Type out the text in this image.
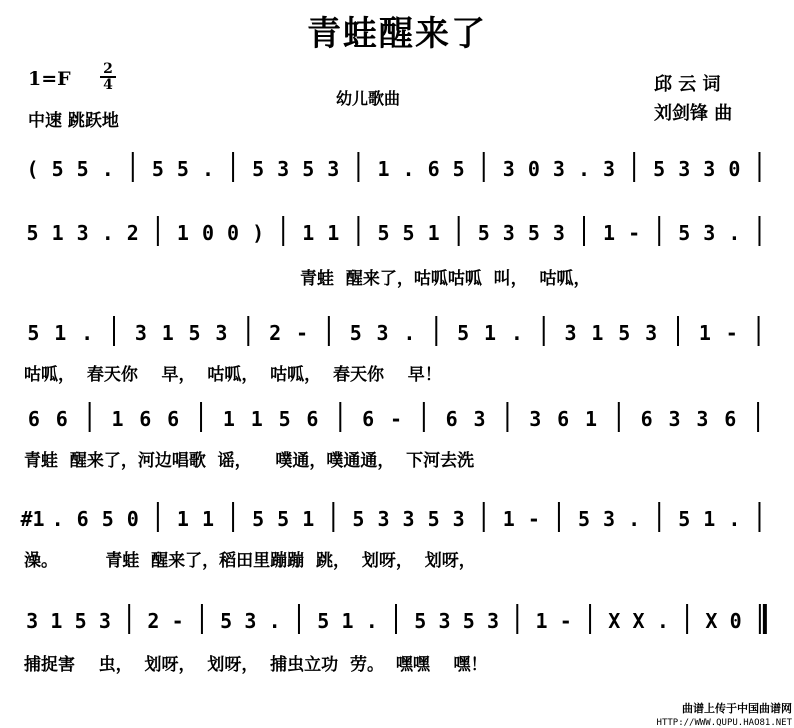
青蛙醒来了
$1=F \frac{2}{4}$
中速 跳跃地
幼儿歌曲
邱 云 词
刘剑锋 曲
( 5 5 . 5 5 . 5 3 5 3 1 . 6 5 3 0 3 . 3 5 3 3 0
5 1 3 . 2 1 0 0 ) 1 1 5 5 1 5 3 5 3 1 - 5 3 .
青蛙  醒来了，咕呱咕呱  叫，  咕呱，
5 1 . 3 1 5 3 2 - 5 3 . 5 1 . 3 1 5 3 1 -
咕呱，  春天你    早，  咕呱，  咕呱，  春天你    早！
6 6 1 6 6 1 1 5 6 6 - 6 3 3 6 1 6 3 3 6
青蛙  醒来了，河边唱歌  谣，    噗通，噗通通，  下河去洗
#1 . 6 5 0 1 1 5 5 1 5 3 3 5 3 1 - 5 3 . 5 1 .
澡。        青蛙  醒来了，稻田里蹦蹦  跳，  划呀，  划呀，
3 1 5 3 2 - 5 3 . 5 1 . 5 3 5 3 1 - X X . X 0
捕捉害    虫，  划呀，  划呀，  捕虫立功  劳。  嘿嘿    嘿！
曲谱上传于中国曲谱网
HTTP://WWW.QUPU.HAO81.NET
